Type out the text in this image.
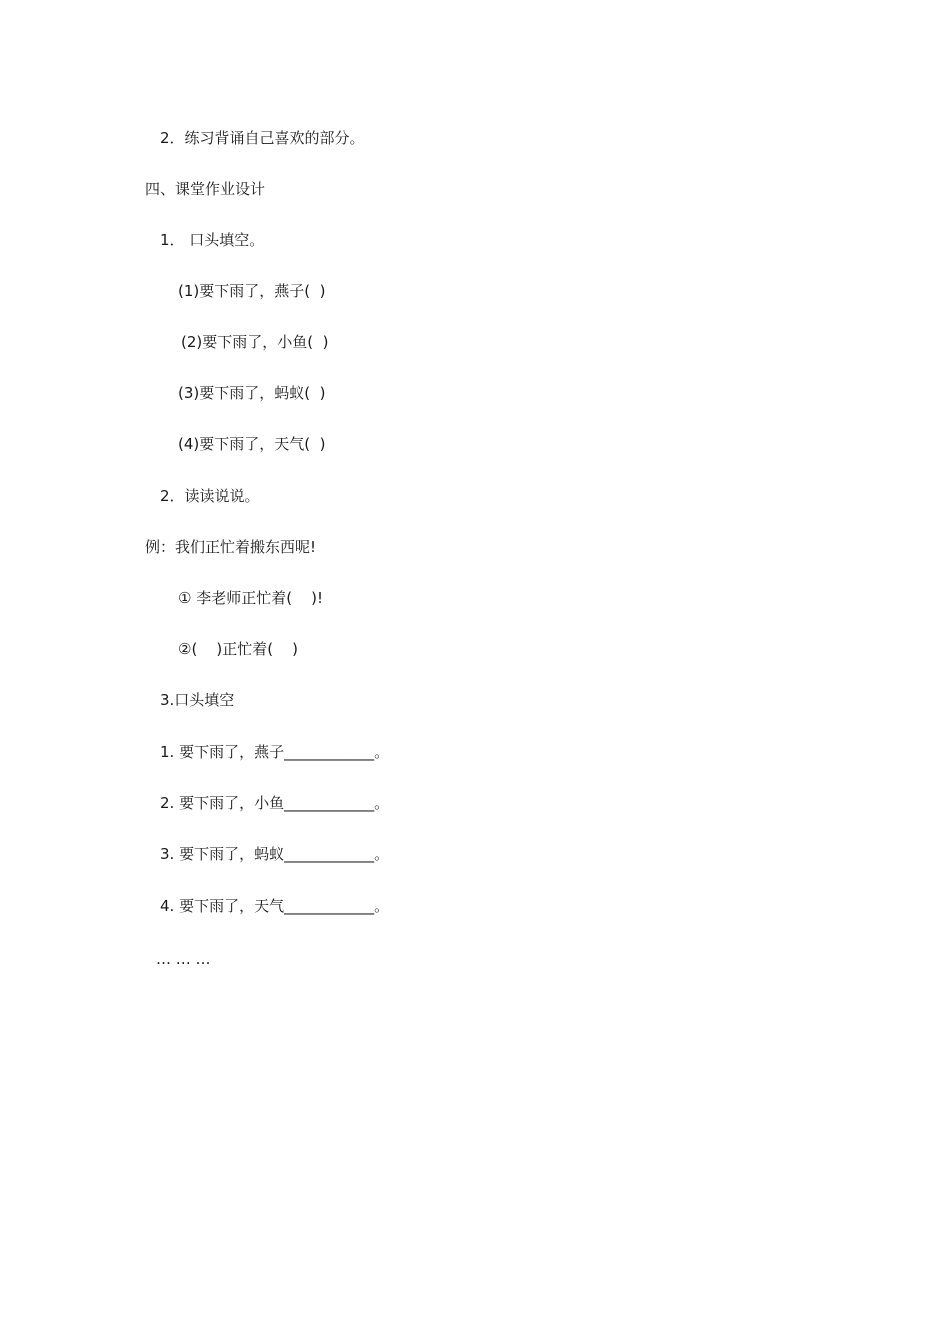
2．练习背诵自己喜欢的部分。
四、课堂作业设计
1． 口头填空。
(1)要下雨了，燕子(  )
(2)要下雨了，小鱼(  )
(3)要下雨了，蚂蚁(  )
(4)要下雨了，天气(  )
2．读读说说。
例：我们正忙着搬东西呢!
① 李老师正忙着(    )!
②(    )正忙着(    )
3.口头填空
1. 要下雨了，燕子____________。
2. 要下雨了，小鱼____________。
3. 要下雨了，蚂蚁____________。
4. 要下雨了，天气____________。
… … …
